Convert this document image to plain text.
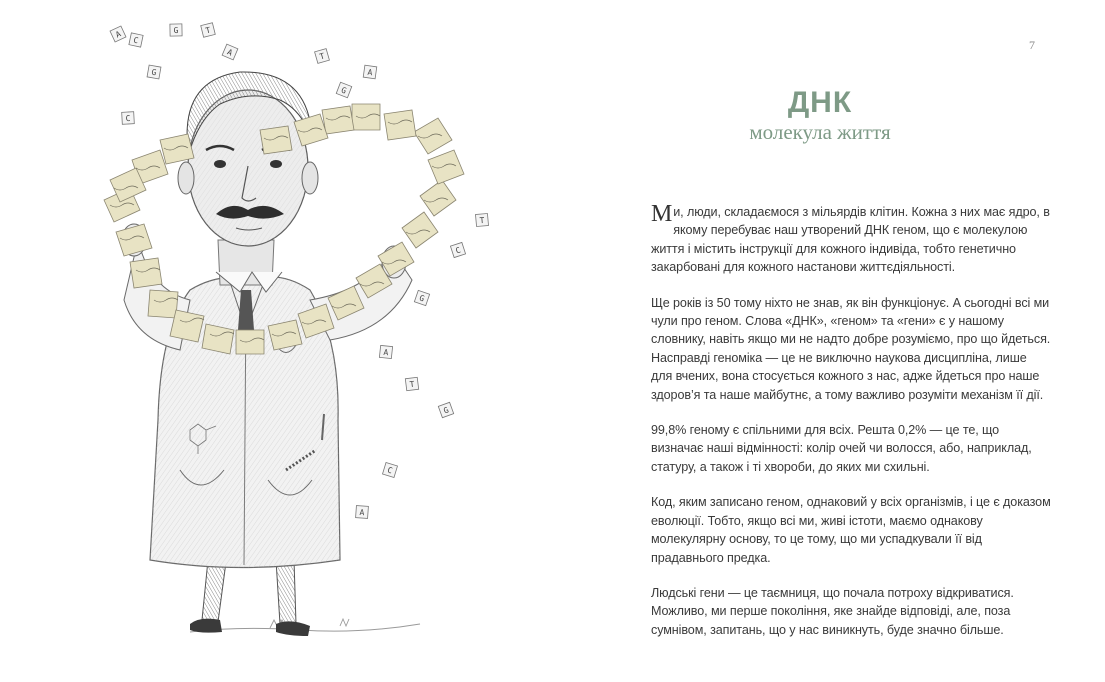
A
C
G	T
A
G
C
T
G
A
T
C
G
A
T
G
C
A
7
ДНК
молекула життя

Ми, люди, складаємося з мільярдів клітин. Кожна з них має ядро, в якому перебуває наш утворений ДНК геном, що є молекулою життя і містить інструкції для кожного індивіда, тобто генетично закарбовані для кожного настанови життєдіяльності.

Ще років із 50 тому ніхто не знав, як він функціонує. А сьогодні всі ми чули про геном. Слова «ДНК», «геном» та «гени» є у нашому словнику, навіть якщо ми не надто добре розуміємо, про що йдеться. Насправді геноміка — це не виключно наукова дисципліна, лише для вчених, вона стосується кожного з нас, адже йдеться про наше здоров’я та наше майбутнє, а тому важливо розуміти механізм її дії.

99,8% геному є спільними для всіх. Решта 0,2% — це те, що визначає наші відмінності: колір очей чи волосся, або, наприклад, статуру, а також і ті хвороби, до яких ми схильні.

Код, яким записано геном, однаковий у всіх організмів, і це є доказом еволюції. Тобто, якщо всі ми, живі істоти, маємо однакову молекулярну основу, то це тому, що ми успадкували її від прадавнього предка.

Людські гени — це таємниця, що почала потроху відкриватися. Можливо, ми перше покоління, яке знайде відповіді, але, поза сумнівом, запитань, що у нас виникнуть, буде значно більше.
